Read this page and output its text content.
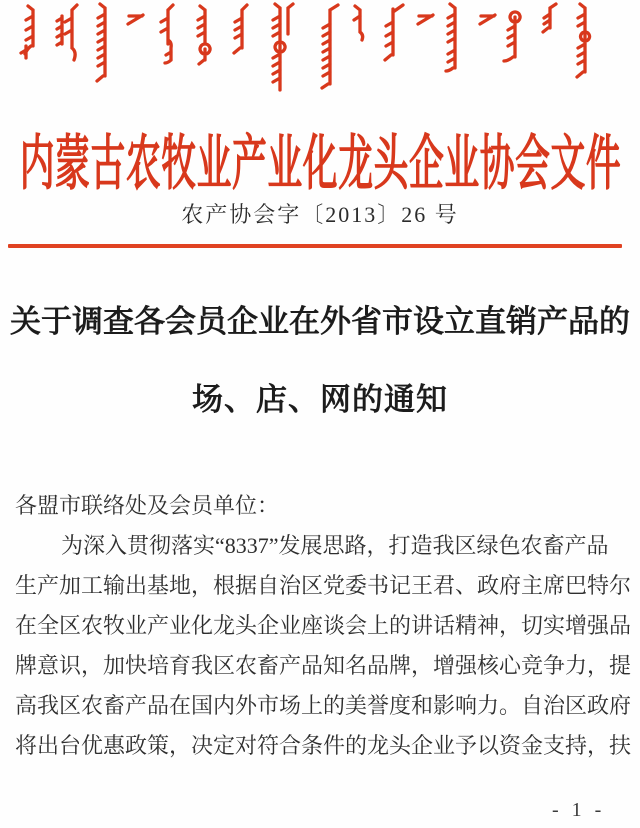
内蒙古农牧业产业化龙头企业协会文件
农产协会字〔2013〕26 号
关于调查各会员企业在外省市设立直销产品的
场、店、网的通知
各盟市联络处及会员单位：
为深入贯彻落实“8337”发展思路，打造我区绿色农畜产品
生产加工输出基地，根据自治区党委书记王君、政府主席巴特尔
在全区农牧业产业化龙头企业座谈会上的讲话精神，切实增强品
牌意识，加快培育我区农畜产品知名品牌，增强核心竞争力，提
高我区农畜产品在国内外市场上的美誉度和影响力。自治区政府
将出台优惠政策，决定对符合条件的龙头企业予以资金支持，扶
- 1 -
